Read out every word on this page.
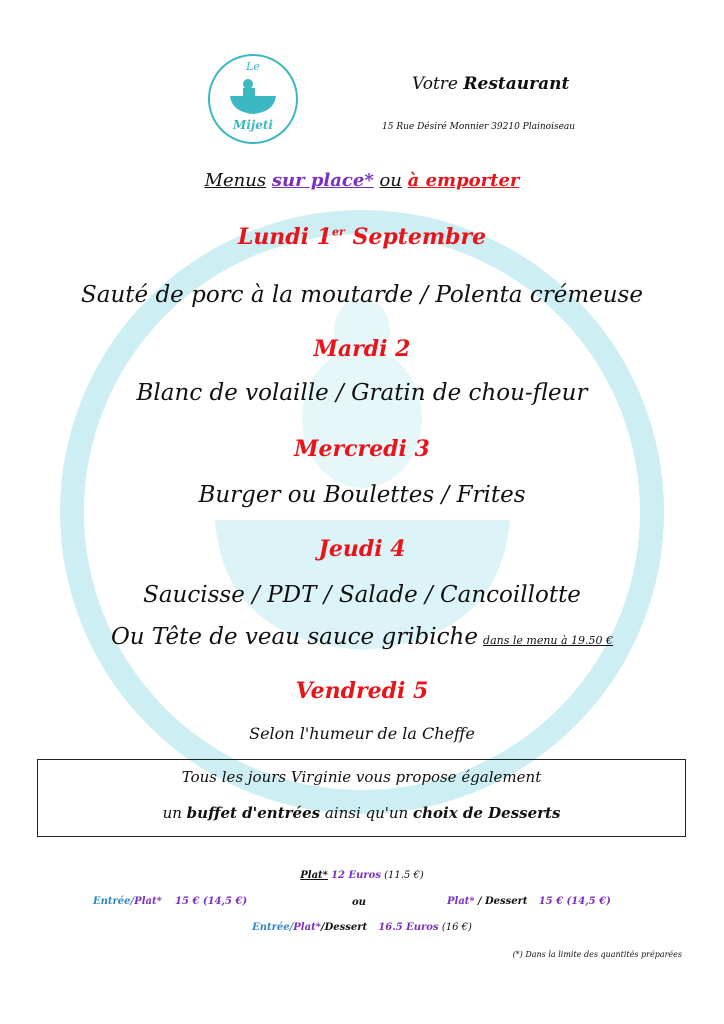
Le
Mijeti
Votre Restaurant
15 Rue Désiré Monnier 39210 Plainoiseau
Menus sur place* ou à emporter
Lundi 1er Septembre
Sauté de porc à la moutarde / Polenta crémeuse
Mardi 2
Blanc de volaille / Gratin de chou-fleur
Mercredi 3
Burger ou Boulettes / Frites
Jeudi 4
Saucisse / PDT / Salade / Cancoillotte
Ou Tête de veau sauce gribiche dans le menu à 19.50 €
Vendredi 5
Selon l'humeur de la Cheffe
Tous les jours Virginie vous propose également
un buffet d'entrées ainsi qu'un choix de Desserts
Plat* 12 Euros (11.5 €)
Entrée/Plat* 15 € (14,5 €)	ou	Plat* / Dessert 15 € (14,5 €)
Entrée/Plat*/Dessert 16.5 Euros (16 €)
(*) Dans la limite des quantités préparées
